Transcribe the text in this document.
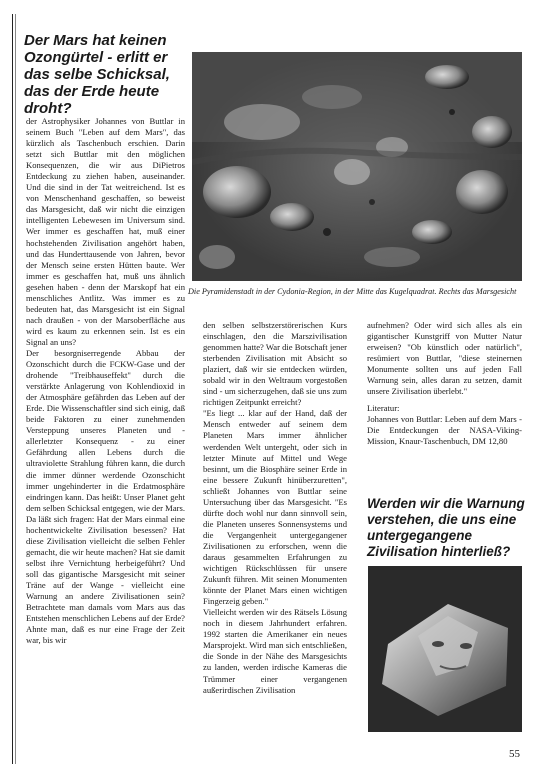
Der Mars hat keinen Ozongürtel - erlitt er das selbe Schicksal, das der Erde heute droht?

der Astrophysiker Johannes von Buttlar in seinem Buch "Leben auf dem Mars", das kürzlich als Taschenbuch erschien. Darin setzt sich Buttlar mit den möglichen Konsequenzen, die wir aus DiPietros Entdeckung zu ziehen haben, auseinander. Und die sind in der Tat weitreichend. Ist es von Menschenhand geschaffen, so beweist das Marsgesicht, daß wir nicht die einzigen intelligenten Lebewesen im Universum sind. Wer immer es geschaffen hat, muß einer hochstehenden Zivilisation angehört haben, und das Hunderttausende von Jahren, bevor der Mensch seine ersten Hütten baute. Wer immer es geschaffen hat, muß uns ähnlich gesehen haben - denn der Marskopf hat ein menschliches Antlitz. Was immer es zu bedeuten hat, das Marsgesicht ist ein Signal nach draußen - von der Marsoberfläche aus wird es kaum zu erkennen sein. Ist es ein Signal an uns?

Der besorgniserregende Abbau der Ozonschicht durch die FCKW-Gase und der drohende "Treibhauseffekt" durch die verstärkte Anlagerung von Kohlendioxid in der Atmosphäre gefährden das Leben auf der Erde. Die Wissenschaftler sind sich einig, daß beide Faktoren zu einer zunehmenden Versteppung unseres Planeten und - allerletzter Konsequenz - zu einer Gefährdung allen Lebens durch die ultraviolette Strahlung führen kann, die durch die immer dünner werdende Ozonschicht immer ungehinderter in die Erdatmosphäre eindringen kann. Das heißt: Unser Planet geht dem selben Schicksal entgegen, wie der Mars. Da läßt sich fragen: Hat der Mars einmal eine hochentwickelte Zivilisation besessen? Hat diese Zivilisation vielleicht die selben Fehler gemacht, die wir heute machen? Hat sie damit selbst ihre Vernichtung herbeigeführt? Und soll das gigantische Marsgesicht mit seiner Träne auf der Wange - vielleicht eine Warnung an andere Zivilisationen sein? Betrachtete man damals vom Mars aus das Entstehen menschlichen Lebens auf der Erde? Ahnte man, daß es nur eine Frage der Zeit war, bis wir

Die Pyramidenstadt in der Cydonia-Region, in der Mitte das Kugelquadrat. Rechts das Marsgesicht

den selben selbstzerstörerischen Kurs einschlagen, den die Marszivilisation genommen hatte? War die Botschaft jener sterbenden Zivilisation mit Absicht so plaziert, daß wir sie entdecken würden, sobald wir in den Weltraum vorgestoßen sind - um sicherzugehen, daß sie uns zum richtigen Zeitpunkt erreicht?

"Es liegt ... klar auf der Hand, daß der Mensch entweder auf seinem dem Planeten Mars immer ähnlicher werdenden Welt untergeht, oder sich in letzter Minute auf Mittel und Wege besinnt, um die Biosphäre seiner Erde in eine bessere Zukunft hinüberzuretten", schließt Johannes von Buttlar seine Untersuchung über das Marsgesicht. "Es dürfte doch wohl nur dann sinnvoll sein, die Planeten unseres Sonnensystems und die Vergangenheit untergegangener Zivilisationen zu erforschen, wenn die daraus gesammelten Erfahrungen zu wichtigen Rückschlüssen für unsere Zukunft führen. Mit seinen Monumenten könnte der Planet Mars einen wichtigen Fingerzeig geben."

Vielleicht werden wir des Rätsels Lösung noch in diesem Jahrhundert erfahren. 1992 starten die Amerikaner ein neues Marsprojekt. Wird man sich entschließen, die Sonde in der Nähe des Marsgesichts zu landen, werden irdische Kameras die Trümmer einer vergangenen außerirdischen Zivilisation

aufnehmen? Oder wird sich alles als ein gigantischer Kunstgriff von Mutter Natur erweisen? "Ob künstlich oder natürlich", resümiert von Buttlar, "diese steinernen Monumente sollten uns auf jeden Fall Warnung sein, alles daran zu setzen, damit unsere Zivilisation überlebt."

Literatur:

Johannes von Buttlar: Leben auf dem Mars - Die Entdeckungen der NASA-Viking-Mission, Knaur-Taschenbuch, DM 12,80

Werden wir die Warnung verstehen, die uns eine untergegangene Zivilisation hinterließ?
55
